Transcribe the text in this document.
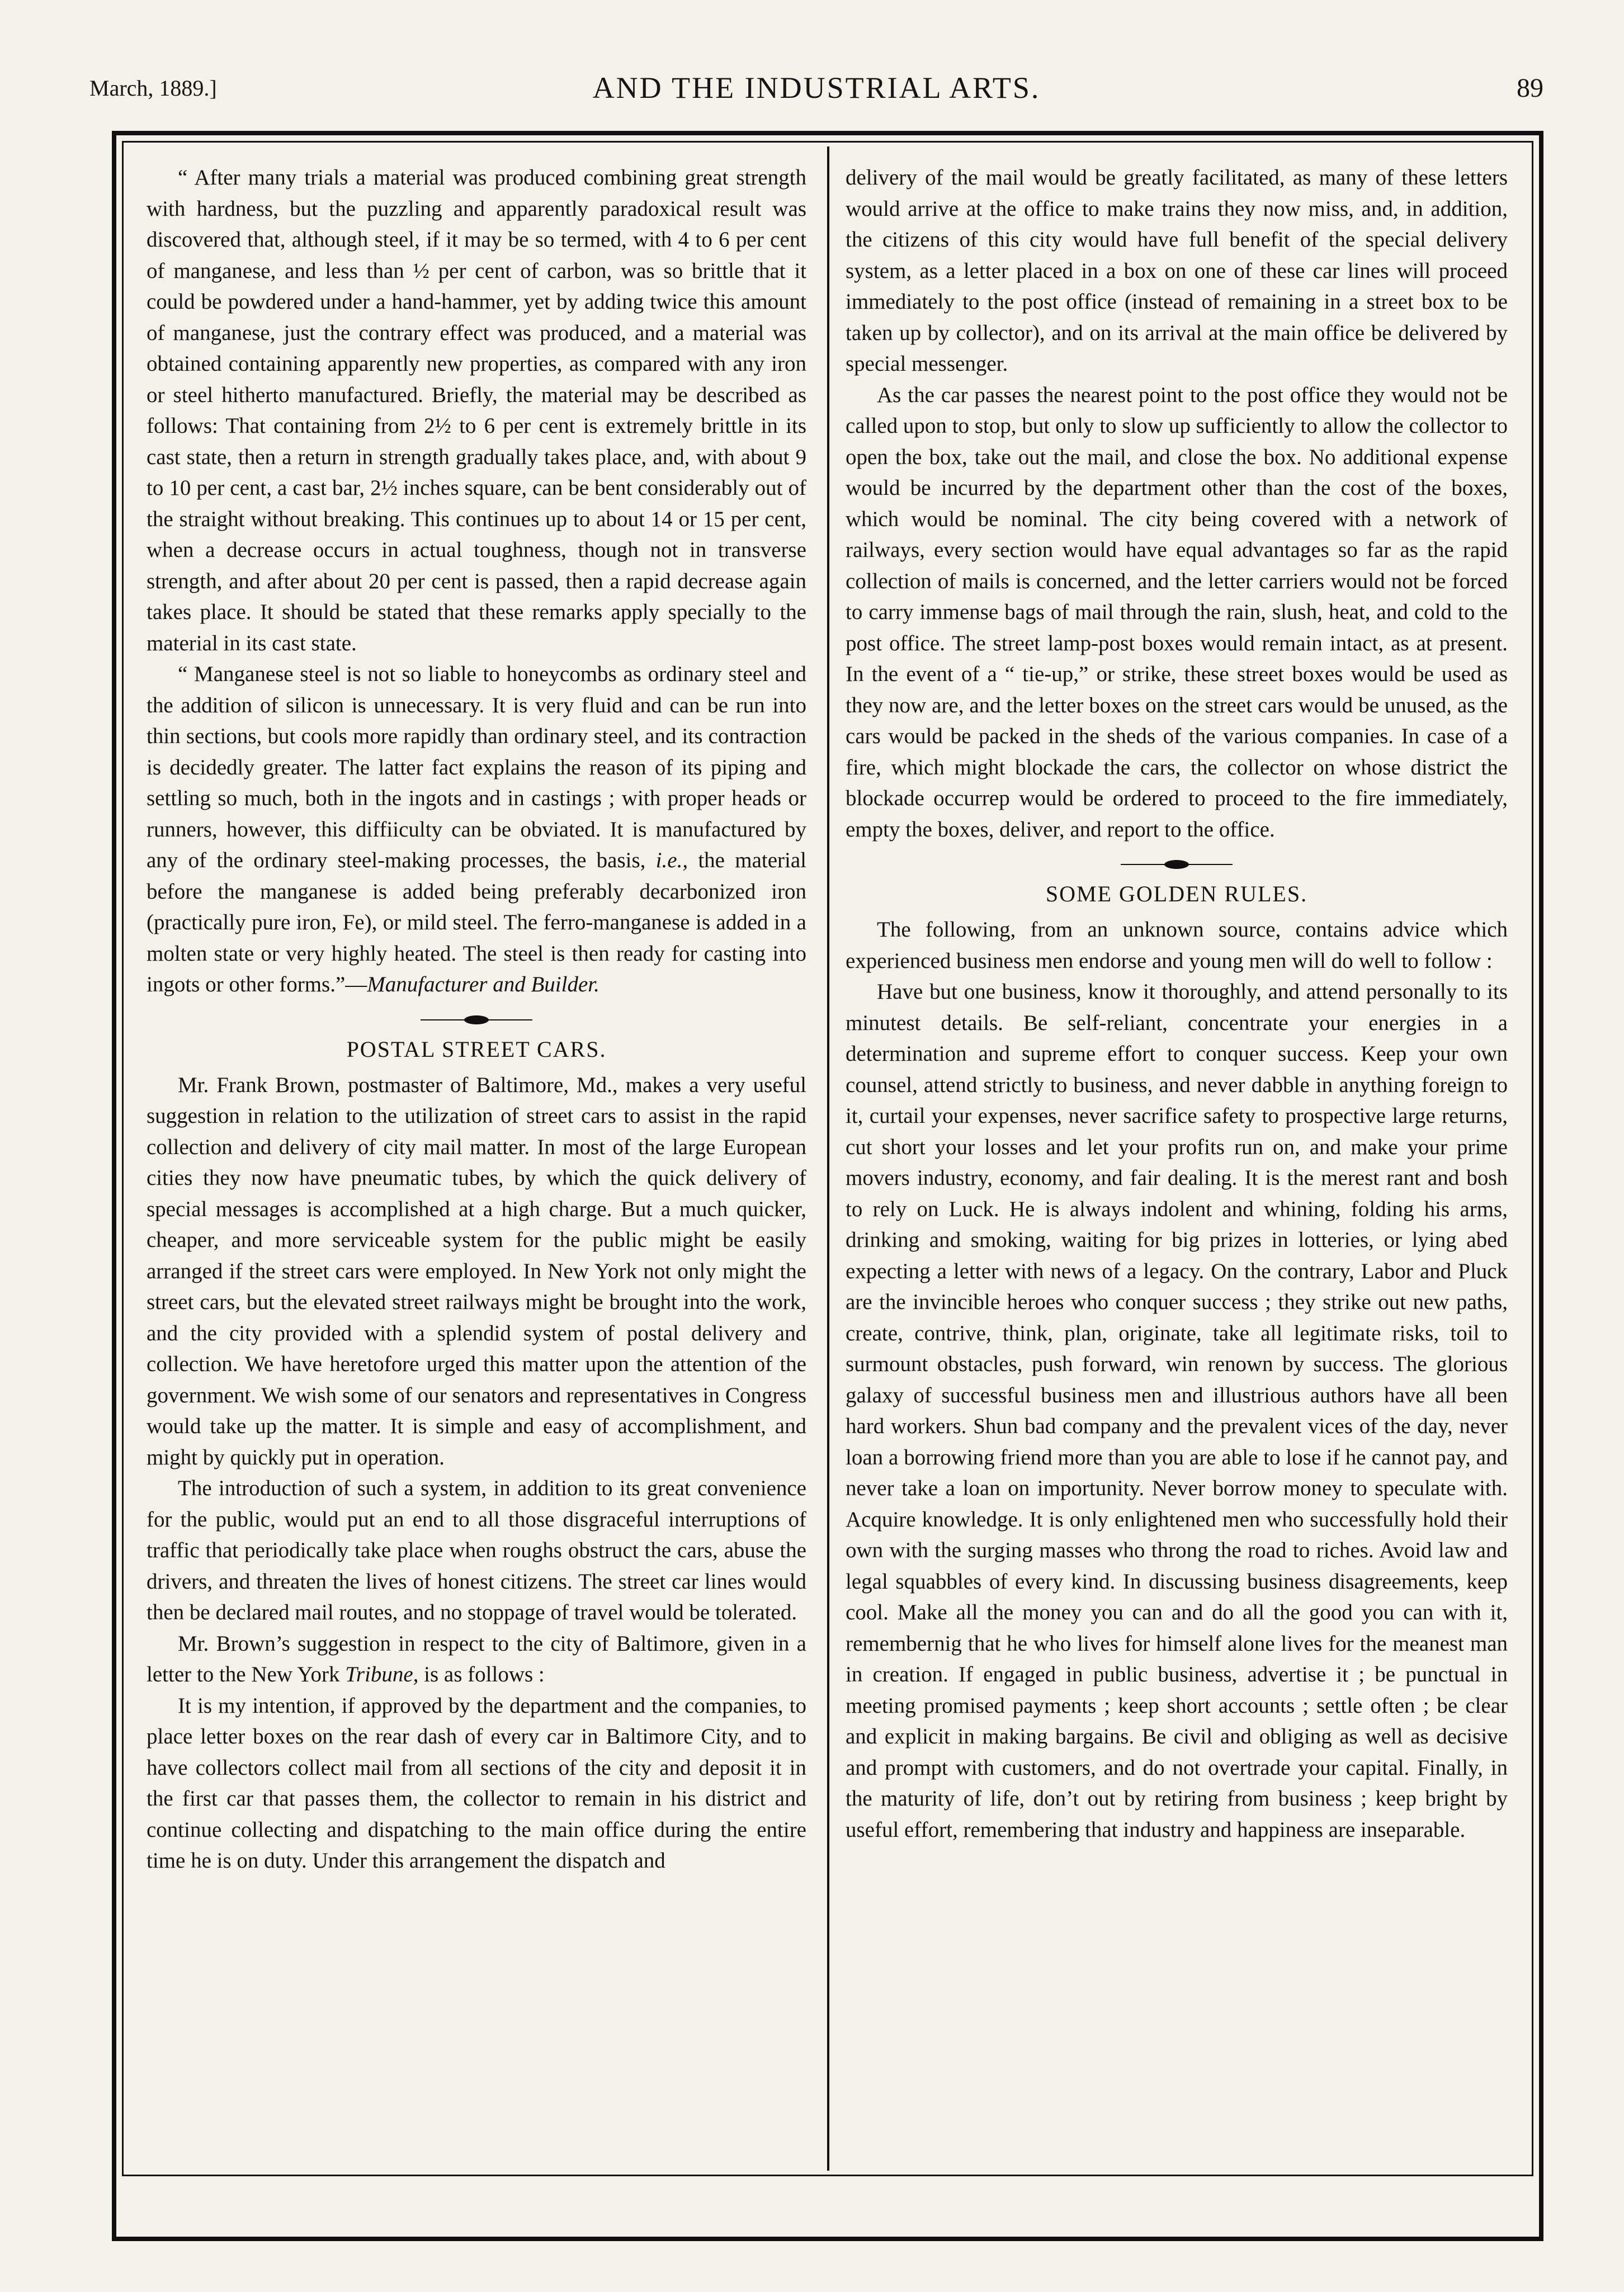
March, 1889.]	AND THE INDUSTRIAL ARTS.	89

“ After many trials a material was produced combining great strength with hardness, but the puzzling and apparently paradoxical result was discovered that, although steel, if it may be so termed, with 4 to 6 per cent of manganese, and less than ½ per cent of carbon, was so brittle that it could be powdered under a hand-hammer, yet by adding twice this amount of manganese, just the contrary effect was produced, and a material was obtained containing apparently new properties, as compared with any iron or steel hitherto manufactured. Briefly, the material may be described as follows: That containing from 2½ to 6 per cent is extremely brittle in its cast state, then a return in strength gradually takes place, and, with about 9 to 10 per cent, a cast bar, 2½ inches square, can be bent considerably out of the straight without breaking. This continues up to about 14 or 15 per cent, when a decrease occurs in actual toughness, though not in transverse strength, and after about 20 per cent is passed, then a rapid decrease again takes place. It should be stated that these remarks apply specially to the material in its cast state.

“ Manganese steel is not so liable to honeycombs as ordinary steel and the addition of silicon is unnecessary. It is very fluid and can be run into thin sections, but cools more rapidly than ordinary steel, and its contraction is decidedly greater. The latter fact explains the reason of its piping and settling so much, both in the ingots and in castings ; with proper heads or runners, however, this diffiiculty can be obviated. It is manufactured by any of the ordinary steel-making processes, the basis, i.e., the material before the manganese is added being preferably decarbonized iron (practically pure iron, Fe), or mild steel. The ferro-manganese is added in a molten state or very highly heated. The steel is then ready for casting into ingots or other forms.”—Manufacturer and Builder.

POSTAL STREET CARS.

Mr. Frank Brown, postmaster of Baltimore, Md., makes a very useful suggestion in relation to the utilization of street cars to assist in the rapid collection and delivery of city mail matter. In most of the large European cities they now have pneumatic tubes, by which the quick delivery of special messages is accomplished at a high charge. But a much quicker, cheaper, and more serviceable system for the public might be easily arranged if the street cars were employed. In New York not only might the street cars, but the elevated street railways might be brought into the work, and the city provided with a splendid system of postal delivery and collection. We have heretofore urged this matter upon the attention of the government. We wish some of our senators and representatives in Congress would take up the matter. It is simple and easy of accomplishment, and might by quickly put in operation.

The introduction of such a system, in addition to its great convenience for the public, would put an end to all those disgraceful interruptions of traffic that periodically take place when roughs obstruct the cars, abuse the drivers, and threaten the lives of honest citizens. The street car lines would then be declared mail routes, and no stoppage of travel would be tolerated.

Mr. Brown’s suggestion in respect to the city of Baltimore, given in a letter to the New York Tribune, is as follows :

It is my intention, if approved by the department and the companies, to place letter boxes on the rear dash of every car in Baltimore City, and to have collectors collect mail from all sections of the city and deposit it in the first car that passes them, the collector to remain in his district and continue collecting and dispatching to the main office during the entire time he is on duty. Under this arrangement the dispatch and

delivery of the mail would be greatly facilitated, as many of these letters would arrive at the office to make trains they now miss, and, in addition, the citizens of this city would have full benefit of the special delivery system, as a letter placed in a box on one of these car lines will proceed immediately to the post office (instead of remaining in a street box to be taken up by collector), and on its arrival at the main office be delivered by special messenger.

As the car passes the nearest point to the post office they would not be called upon to stop, but only to slow up sufficiently to allow the collector to open the box, take out the mail, and close the box. No additional expense would be incurred by the department other than the cost of the boxes, which would be nominal. The city being covered with a network of railways, every section would have equal advantages so far as the rapid collection of mails is concerned, and the letter carriers would not be forced to carry immense bags of mail through the rain, slush, heat, and cold to the post office. The street lamp-post boxes would remain intact, as at present. In the event of a “ tie-up,” or strike, these street boxes would be used as they now are, and the letter boxes on the street cars would be unused, as the cars would be packed in the sheds of the various companies. In case of a fire, which might blockade the cars, the collector on whose district the blockade occurrep would be ordered to proceed to the fire immediately, empty the boxes, deliver, and report to the office.

SOME GOLDEN RULES.

The following, from an unknown source, contains advice which experienced business men endorse and young men will do well to follow :

Have but one business, know it thoroughly, and attend personally to its minutest details. Be self-reliant, concentrate your energies in a determination and supreme effort to conquer success. Keep your own counsel, attend strictly to business, and never dabble in anything foreign to it, curtail your expenses, never sacrifice safety to prospective large returns, cut short your losses and let your profits run on, and make your prime movers industry, economy, and fair dealing. It is the merest rant and bosh to rely on Luck. He is always indolent and whining, folding his arms, drinking and smoking, waiting for big prizes in lotteries, or lying abed expecting a letter with news of a legacy. On the contrary, Labor and Pluck are the invincible heroes who conquer success ; they strike out new paths, create, contrive, think, plan, originate, take all legitimate risks, toil to surmount obstacles, push forward, win renown by success. The glorious galaxy of successful business men and illustrious authors have all been hard workers. Shun bad company and the prevalent vices of the day, never loan a borrowing friend more than you are able to lose if he cannot pay, and never take a loan on importunity. Never borrow money to speculate with. Acquire knowledge. It is only enlightened men who successfully hold their own with the surging masses who throng the road to riches. Avoid law and legal squabbles of every kind. In discussing business disagreements, keep cool. Make all the money you can and do all the good you can with it, remembernig that he who lives for himself alone lives for the meanest man in creation. If engaged in public business, advertise it ; be punctual in meeting promised payments ; keep short accounts ; settle often ; be clear and explicit in making bargains. Be civil and obliging as well as decisive and prompt with customers, and do not overtrade your capital. Finally, in the maturity of life, don’t out by retiring from business ; keep bright by useful effort, remembering that industry and happiness are inseparable.
